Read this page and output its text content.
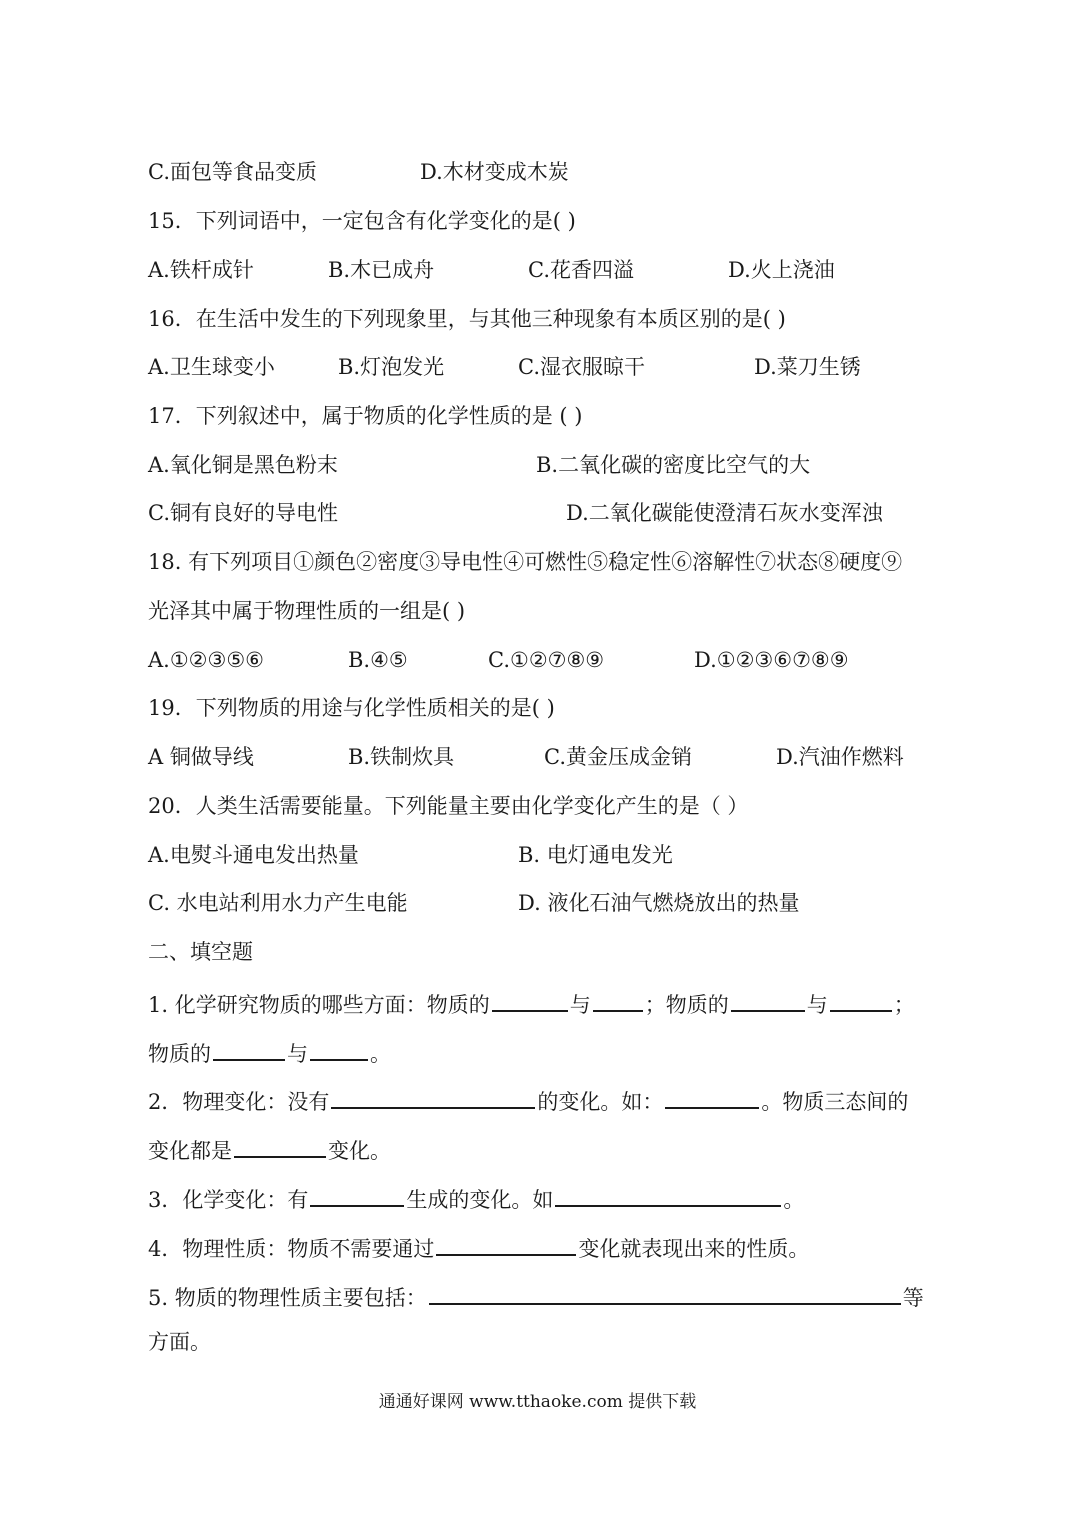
C.面包等食品变质	D.木材变成木炭
15．下列词语中，一定包含有化学变化的是( )
A.铁杆成针	B.木已成舟	C.花香四溢	D.火上浇油
16．在生活中发生的下列现象里，与其他三种现象有本质区别的是( )
A.卫生球变小	B.灯泡发光	C.湿衣服晾干	D.菜刀生锈
17．下列叙述中，属于物质的化学性质的是 ( )
A.氧化铜是黑色粉末	B.二氧化碳的密度比空气的大
C.铜有良好的导电性	D.二氧化碳能使澄清石灰水变浑浊
18. 有下列项目①颜色②密度③导电性④可燃性⑤稳定性⑥溶解性⑦状态⑧硬度⑨
光泽其中属于物理性质的一组是( )
A.①②③⑤⑥	B.④⑤	C.①②⑦⑧⑨	D.①②③⑥⑦⑧⑨
19．下列物质的用途与化学性质相关的是( )
A 铜做导线	B.铁制炊具	C.黄金压成金销	D.汽油作燃料
20．人类生活需要能量。下列能量主要由化学变化产生的是（ ）
A.电熨斗通电发出热量	B. 电灯通电发光
C. 水电站利用水力产生电能	D. 液化石油气燃烧放出的热量
二、填空题
1. 化学研究物质的哪些方面：物质的	与	；物质的	与	；
物质的	与	。
2．物理变化：没有	的变化。如：	。物质三态间的
变化都是	变化。
3．化学变化：有	生成的变化。如	。
4．物理性质：物质不需要通过	变化就表现出来的性质。
5. 物质的物理性质主要包括：	等
方面。
通通好课网 www.tthaoke.com 提供下载
